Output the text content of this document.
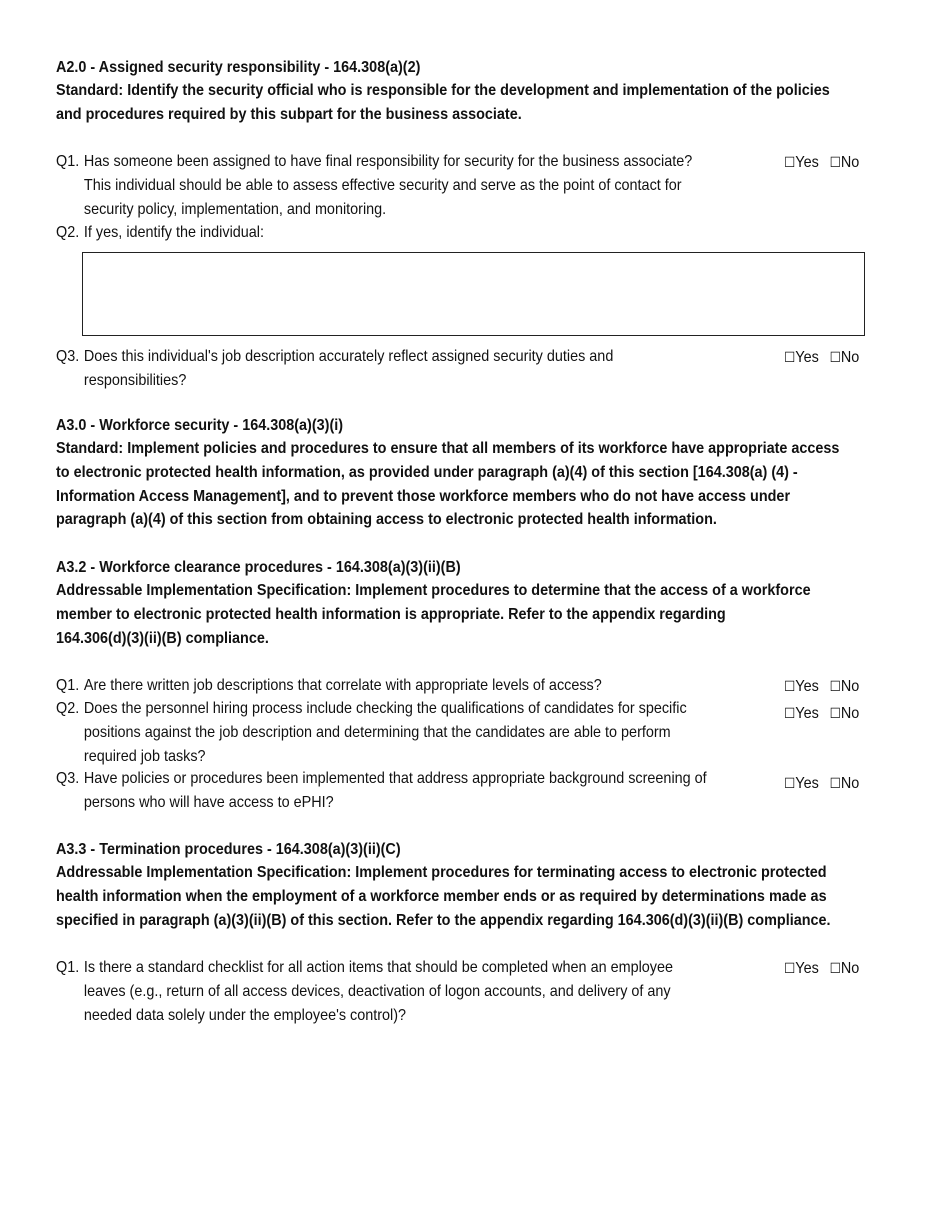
A2.0 - Assigned security responsibility - 164.308(a)(2)
Standard: Identify the security official who is responsible for the development and implementation of the policies
and procedures required by this subpart for the business associate.
Q1. Has someone been assigned to have final responsibility for security for the business associate?
This individual should be able to assess effective security and serve as the point of contact for
security policy, implementation, and monitoring.
☐Yes ☐No
Q2. If yes, identify the individual:
Q3. Does this individual's job description accurately reflect assigned security duties and
responsibilities?
☐Yes ☐No
A3.0 - Workforce security - 164.308(a)(3)(i)
Standard: Implement policies and procedures to ensure that all members of its workforce have appropriate access
to electronic protected health information, as provided under paragraph (a)(4) of this section [164.308(a) (4) -
Information Access Management], and to prevent those workforce members who do not have access under
paragraph (a)(4) of this section from obtaining access to electronic protected health information.
A3.2 - Workforce clearance procedures - 164.308(a)(3)(ii)(B)
Addressable Implementation Specification: Implement procedures to determine that the access of a workforce
member to electronic protected health information is appropriate. Refer to the appendix regarding
164.306(d)(3)(ii)(B) compliance.
Q1. Are there written job descriptions that correlate with appropriate levels of access?	☐Yes ☐No
Q2. Does the personnel hiring process include checking the qualifications of candidates for specific
positions against the job description and determining that the candidates are able to perform
required job tasks?
☐Yes ☐No
Q3. Have policies or procedures been implemented that address appropriate background screening of
persons who will have access to ePHI?
☐Yes ☐No
A3.3 - Termination procedures - 164.308(a)(3)(ii)(C)
Addressable Implementation Specification: Implement procedures for terminating access to electronic protected
health information when the employment of a workforce member ends or as required by determinations made as
specified in paragraph (a)(3)(ii)(B) of this section. Refer to the appendix regarding 164.306(d)(3)(ii)(B) compliance.
Q1. Is there a standard checklist for all action items that should be completed when an employee
leaves (e.g., return of all access devices, deactivation of logon accounts, and delivery of any
needed data solely under the employee's control)?
☐Yes ☐No
